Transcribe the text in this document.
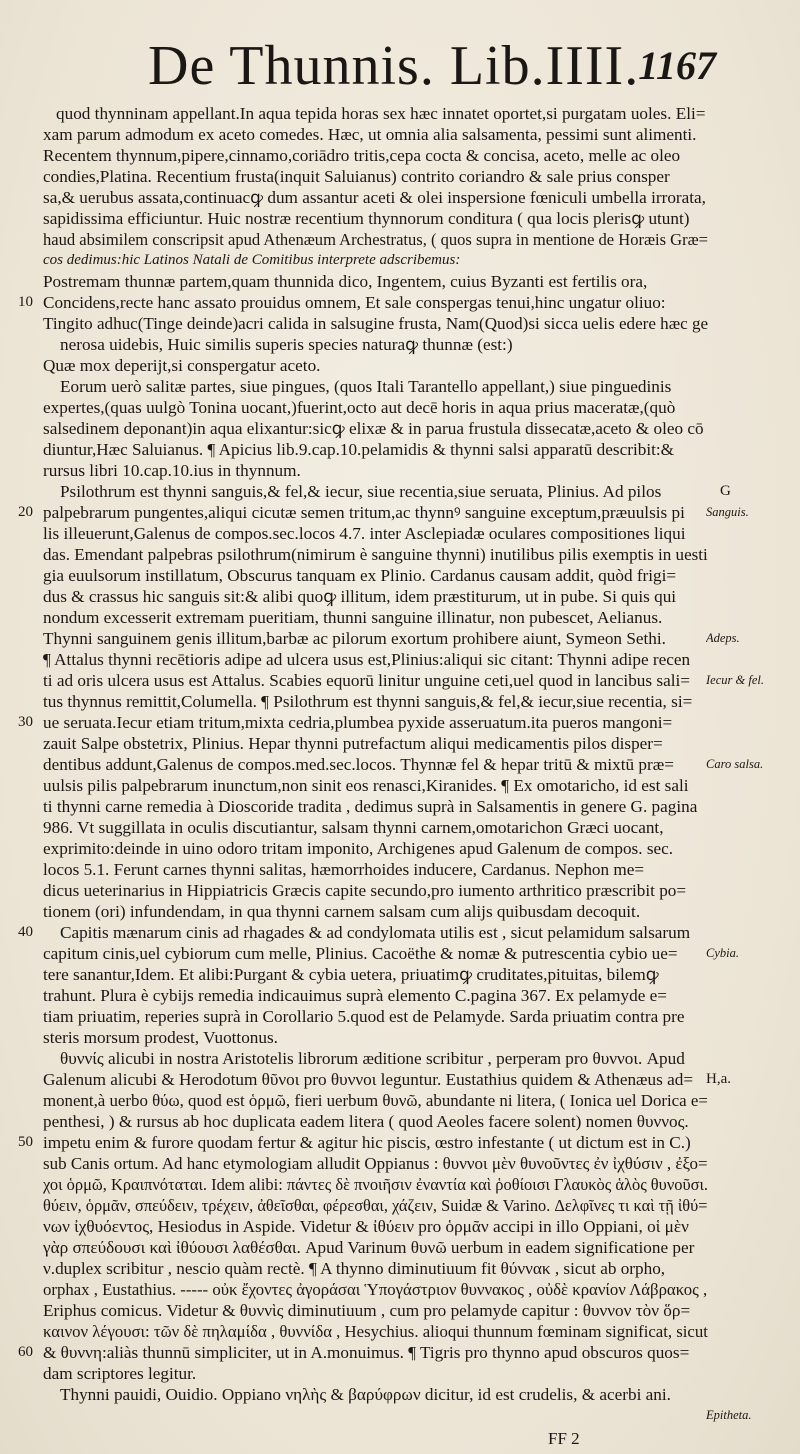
De Thunnis. Lib.IIII. 1167
quod thynninam appellant.In aqua tepida horas sex hæc innatet oportet,si purgatam uoles. Eli=
xam parum admodum ex aceto comedes. Hæc, ut omnia alia salsamenta, pessimi sunt alimenti.
Recentem thynnum,pipere,cinnamo,coriādro tritis,cepa cocta & concisa, aceto, melle ac oleo
condies,Platina. Recentium frusta(inquit Saluianus) contrito coriandro & sale prius consper
sa,& uerubus assata,continuacꝙ dum assantur aceti & olei inspersione fœniculi umbella irrorata,
sapidissima efficiuntur. Huic nostræ recentium thynnorum conditura ( qua locis plerisꝙ utunt)
haud absimilem conscripsit apud Athenæum Archestratus, ( quos supra in mentione de Horæis Græ=
cos dedimus:hic Latinos Natali de Comitibus interprete adscribemus:
Postremam thunnæ partem,quam thunnida dico, Ingentem, cuius Byzanti est fertilis ora,
Concidens,recte hanc assato prouidus omnem, Et sale conspergas tenui,hinc ungatur oliuo:
Tingito adhuc(Tinge deinde)acri calida in salsugine frusta, Nam(Quod)si sicca uelis edere hæc ge
nerosa uidebis, Huic similis superis species naturaꝙ thunnæ (est:)
Quæ mox deperijt,si conspergatur aceto.
Eorum uerò salitæ partes, siue pingues, (quos Itali Tarantello appellant,) siue pinguedinis
expertes,(quas uulgò Tonina uocant,)fuerint,octo aut decē horis in aqua prius maceratæ,(quò
salsedinem deponant)in aqua elixantur:sicꝙ elixæ & in parua frustula dissecatæ,aceto & oleo cō
diuntur,Hæc Saluianus. ¶ Apicius lib.9.cap.10.pelamidis & thynni salsi apparatū describit:&
rursus libri 10.cap.10.ius in thynnum.
Psilothrum est thynni sanguis,& fel,& iecur, siue recentia,siue seruata, Plinius. Ad pilos
palpebrarum pungentes,aliqui cicutæ semen tritum,ac thynnꝰ sanguine exceptum,præuulsis pi
lis illeuerunt,Galenus de compos.sec.locos 4.7. inter Asclepiadæ oculares compositiones liqui
das. Emendant palpebras psilothrum(nimirum è sanguine thynni) inutilibus pilis exemptis in uesti
gia euulsorum instillatum, Obscurus tanquam ex Plinio. Cardanus causam addit, quòd frigi=
dus & crassus hic sanguis sit:& alibi quoꝙ illitum, idem præstiturum, ut in pube. Si quis qui
nondum excesserit extremam pueritiam, thunni sanguine illinatur, non pubescet, Aelianus.
Thynni sanguinem genis illitum,barbæ ac pilorum exortum prohibere aiunt, Symeon Sethi.
¶ Attalus thynni recētioris adipe ad ulcera usus est,Plinius:aliqui sic citant: Thynni adipe recen
ti ad oris ulcera usus est Attalus. Scabies equorū linitur unguine ceti,uel quod in lancibus sali=
tus thynnus remittit,Columella. ¶ Psilothrum est thynni sanguis,& fel,& iecur,siue recentia, si=
ue seruata.Iecur etiam tritum,mixta cedria,plumbea pyxide asseruatum.ita pueros mangoni=
zauit Salpe obstetrix, Plinius. Hepar thynni putrefactum aliqui medicamentis pilos disper=
dentibus addunt,Galenus de compos.med.sec.locos. Thynnæ fel & hepar tritū & mixtū præ=
uulsis pilis palpebrarum inunctum,non sinit eos renasci,Kiranides. ¶ Ex omotaricho, id est sali
ti thynni carne remedia à Dioscoride tradita , dedimus suprà in Salsamentis in genere G. pagina
986. Vt suggillata in oculis discutiantur, salsam thynni carnem,omotarichon Græci uocant,
exprimito:deinde in uino odoro tritam imponito, Archigenes apud Galenum de compos. sec.
locos 5.1. Ferunt carnes thynni salitas, hæmorrhoides inducere, Cardanus. Nephon me=
dicus ueterinarius in Hippiatricis Græcis capite secundo,pro iumento arthritico præscribit po=
tionem (ori) infundendam, in qua thynni carnem salsam cum alijs quibusdam decoquit.
Capitis mænarum cinis ad rhagades & ad condylomata utilis est , sicut pelamidum salsarum
capitum cinis,uel cybiorum cum melle, Plinius. Cacoëthe & nomæ & putrescentia cybio ue=
tere sanantur,Idem. Et alibi:Purgant & cybia uetera, priuatimꝙ cruditates,pituitas, bilemꝙ
trahunt. Plura è cybijs remedia indicauimus suprà elemento C.pagina 367. Ex pelamyde e=
tiam priuatim, reperies suprà in Corollario 5.quod est de Pelamyde. Sarda priuatim contra pre
steris morsum prodest, Vuottonus.
θυννίς alicubi in nostra Aristotelis librorum æditione scribitur , perperam pro θυννοι. Apud
Galenum alicubi & Herodotum θῦνοι pro θυννοι leguntur. Eustathius quidem & Athenæus ad=
monent,à uerbo θύω, quod est ὁρμῶ, fieri uerbum θυνῶ, abundante ni litera, ( Ionica uel Dorica e=
penthesi, ) & rursus ab hoc duplicata eadem litera ( quod Aeoles facere solent) nomen θυννος.
impetu enim & furore quodam fertur & agitur hic piscis, œstro infestante ( ut dictum est in C.)
sub Canis ortum. Ad hanc etymologiam alludit Oppianus : θυννοι μὲν θυνοῦντες ἐν ἰχθύσιν , ἐξο=
χοι ὁρμῶ, Κραιπνόταται. Idem alibi: πάντες δὲ πνοιῆσιν ἐναντία καὶ ῥοθίοισι Γλαυκὸς ἁλὸς θυνοῦσι.
θύειν, ὁρμᾶν, σπεύδειν, τρέχειν, ἀθεῖσθαι, φέρεσθαι, χάζειν, Suidæ & Varino. Δελφῖνες τι καὶ τῇ ἰθύ=
νων ἰχθυόεντος, Hesiodus in Aspide. Videtur & ἰθύειν pro ὁρμᾶν accipi in illo Oppiani, οἱ μὲν
γὰρ σπεύδουσι καὶ ἰθύουσι λαθέσθαι. Apud Varinum θυνῶ uerbum in eadem significatione per
ν.duplex scribitur , nescio quàm rectè. ¶ A thynno diminutiuum fit θύννακ , sicut ab orpho,
orphax , Eustathius. ----- οὐκ ἔχοντες ἀγοράσαι Ὑπογάστριον θυννακος , οὐδὲ κρανίον Λάβρακος ,
Eriphus comicus. Videtur & θυννὶς diminutiuum , cum pro pelamyde capitur : θυννον τὸν ὅρ=
καινον λέγουσι: τῶν δὲ πηλαμίδα , θυννίδα , Hesychius. alioqui thunnum fœminam significat, sicut
& θυννη:aliàs thunnū simpliciter, ut in A.monuimus. ¶ Tigris pro thynno apud obscuros quos=
dam scriptores legitur.
Thynni pauidi, Ouidio. Oppiano νηλὴς & βαρύφρων dicitur, id est crudelis, & acerbi ani.
10
20
30
40
50
60
G
Sanguis.
Adeps.
Iecur & fel.
Caro salsa.
Cybia.
H,a.
Epitheta.
FF 2
